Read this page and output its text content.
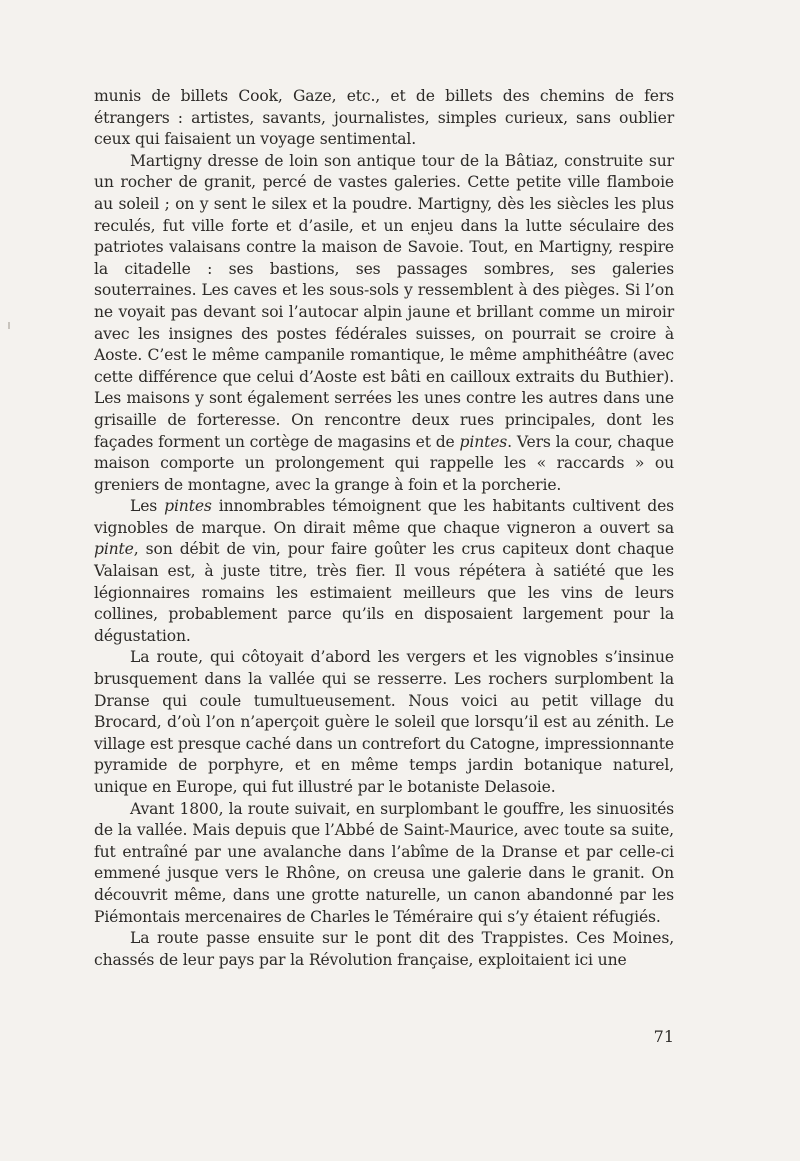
munis de billets Cook, Gaze, etc., et de billets des chemins de fers étrangers : artistes, savants, journalistes, simples curieux, sans oublier ceux qui faisaient un voyage sentimental.

Martigny dresse de loin son antique tour de la Bâtiaz, construite sur un rocher de granit, percé de vastes galeries. Cette petite ville flamboie au soleil ; on y sent le silex et la poudre. Martigny, dès les siècles les plus reculés, fut ville forte et d’asile, et un enjeu dans la lutte séculaire des patriotes valaisans contre la maison de Savoie. Tout, en Martigny, respire la citadelle : ses bastions, ses passages sombres, ses galeries souterraines. Les caves et les sous-sols y ressemblent à des pièges. Si l’on ne voyait pas devant soi l’autocar alpin jaune et brillant comme un miroir avec les insignes des postes fédérales suisses, on pourrait se croire à Aoste. C’est le même campanile romantique, le même amphithéâtre (avec cette différence que celui d’Aoste est bâti en cailloux extraits du Buthier). Les maisons y sont également serrées les unes contre les autres dans une grisaille de forteresse. On rencontre deux rues principales, dont les façades forment un cortège de magasins et de pintes. Vers la cour, chaque maison comporte un prolongement qui rappelle les « raccards » ou greniers de montagne, avec la grange à foin et la porcherie.

Les pintes innombrables témoignent que les habitants cultivent des vignobles de marque. On dirait même que chaque vigneron a ouvert sa pinte, son débit de vin, pour faire goûter les crus capiteux dont chaque Valaisan est, à juste titre, très fier. Il vous répétera à satiété que les légionnaires romains les estimaient meilleurs que les vins de leurs collines, probablement parce qu’ils en disposaient largement pour la dégustation.

La route, qui côtoyait d’abord les vergers et les vignobles s’insinue brusquement dans la vallée qui se resserre. Les rochers surplombent la Dranse qui coule tumultueusement. Nous voici au petit village du Brocard, d’où l’on n’aperçoit guère le soleil que lorsqu’il est au zénith. Le village est presque caché dans un contrefort du Catogne, impressionnante pyramide de porphyre, et en même temps jardin botanique naturel, unique en Europe, qui fut illustré par le botaniste Delasoie.

Avant 1800, la route suivait, en surplombant le gouffre, les sinuosités de la vallée. Mais depuis que l’Abbé de Saint-Maurice, avec toute sa suite, fut entraîné par une avalanche dans l’abîme de la Dranse et par celle-ci emmené jusque vers le Rhône, on creusa une galerie dans le granit. On découvrit même, dans une grotte naturelle, un canon abandonné par les Piémontais mercenaires de Charles le Téméraire qui s’y étaient réfugiés.

La route passe ensuite sur le pont dit des Trappistes. Ces Moines, chassés de leur pays par la Révolution française, exploitaient ici une

71
